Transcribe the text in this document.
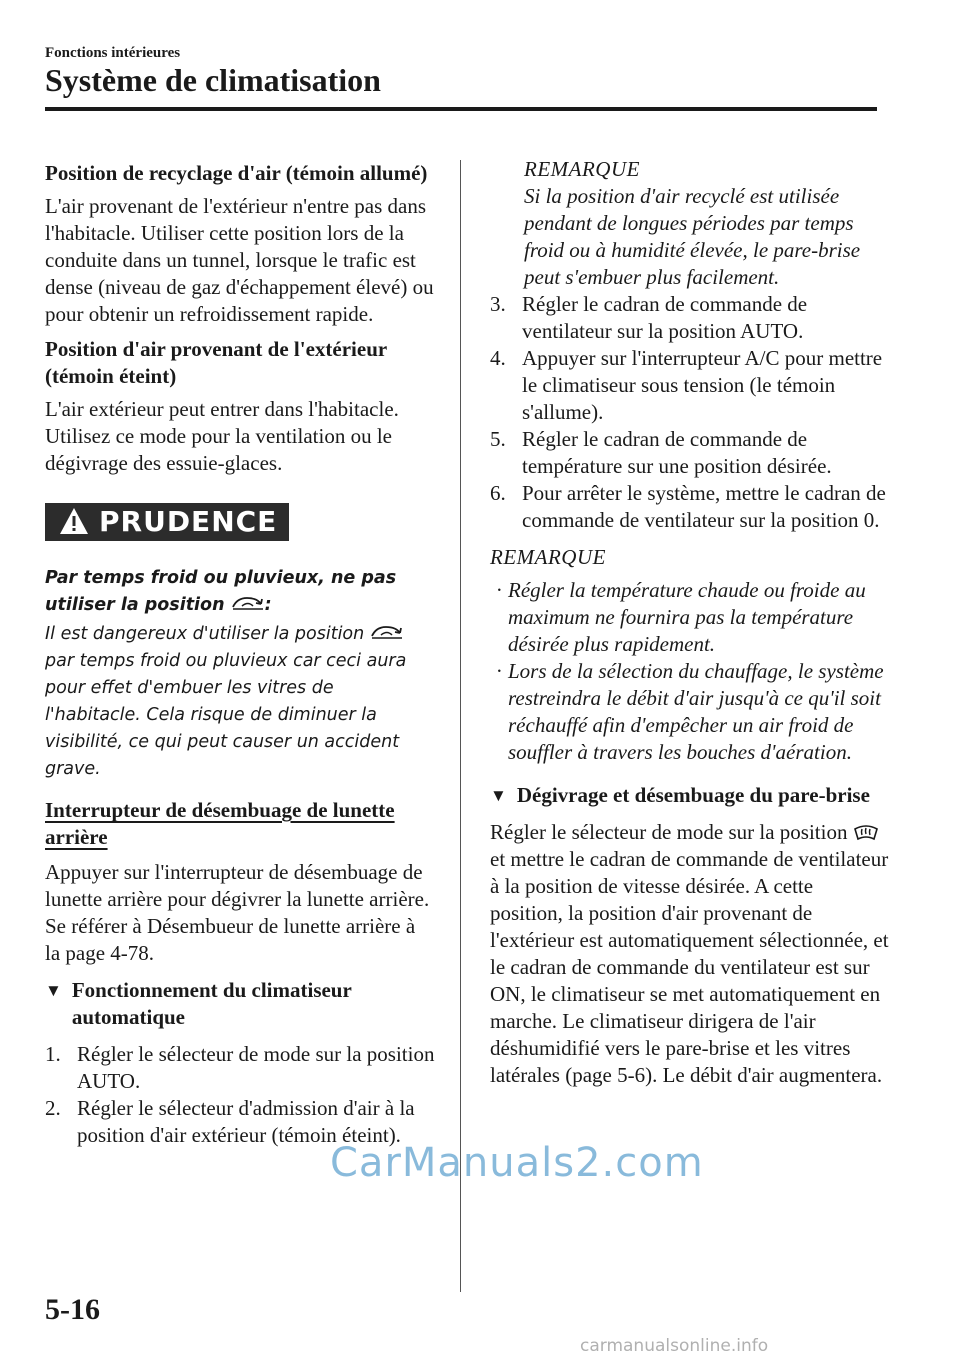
Fonctions intérieures
Système de climatisation

Position de recyclage d'air (témoin allumé)

L'air provenant de l'extérieur n'entre pas dans l'habitacle. Utiliser cette position lors de la conduite dans un tunnel, lorsque le trafic est dense (niveau de gaz d'échappement élevé) ou pour obtenir un refroidissement rapide.

Position d'air provenant de l'extérieur (témoin éteint)

L'air extérieur peut entrer dans l'habitacle. Utilisez ce mode pour la ventilation ou le dégivrage des essuie-glaces.

PRUDENCE
Par temps froid ou pluvieux, ne pas utiliser la position :
Il est dangereux d'utiliser la position  par temps froid ou pluvieux car ceci aura pour effet d'embuer les vitres de l'habitacle. Cela risque de diminuer la visibilité, ce qui peut causer un accident grave.

Interrupteur de désembuage de lunette arrière

Appuyer sur l'interrupteur de désembuage de lunette arrière pour dégivrer la lunette arrière.

Se référer à Désembueur de lunette arrière à la page 4-78.

▼ Fonctionnement du climatiseur automatique
1. Régler le sélecteur de mode sur la position AUTO.
2. Régler le sélecteur d'admission d'air à la position d'air extérieur (témoin éteint).
REMARQUE
Si la position d'air recyclé est utilisée pendant de longues périodes par temps froid ou à humidité élevée, le pare-brise peut s'embuer plus facilement.
3. Régler le cadran de commande de ventilateur sur la position AUTO.
4. Appuyer sur l'interrupteur A/C pour mettre le climatiseur sous tension (le témoin s'allume).
5. Régler le cadran de commande de température sur une position désirée.
6. Pour arrêter le système, mettre le cadran de commande de ventilateur sur la position 0.
REMARQUE
· Régler la température chaude ou froide au maximum ne fournira pas la température désirée plus rapidement.
· Lors de la sélection du chauffage, le système restreindra le débit d'air jusqu'à ce qu'il soit réchauffé afin d'empêcher un air froid de souffler à travers les bouches d'aération.
▼ Dégivrage et désembuage du pare-brise

Régler le sélecteur de mode sur la position  et mettre le cadran de commande de ventilateur à la position de vitesse désirée. A cette position, la position d'air provenant de l'extérieur est automatiquement sélectionnée, et le cadran de commande du ventilateur est sur ON, le climatiseur se met automatiquement en marche. Le climatiseur dirigera de l'air déshumidifié vers le pare-brise et les vitres latérales (page 5-6). Le débit d'air augmentera.

5-16
CarManuals2.com
carmanualsonline.info
